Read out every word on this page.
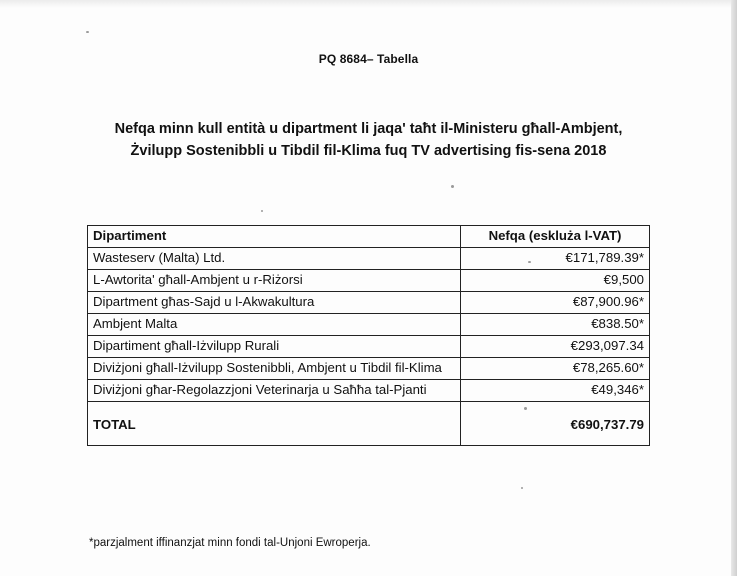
PQ 8684– Tabella
Nefqa minn kull entità u dipartment li jaqa' taħt il-Ministeru għall-Ambjent,
Żvilupp Sostenibbli u Tibdil fil-Klima fuq TV advertising fis-sena 2018
Dipartiment	Nefqa (eskluża l-VAT)
Wasteserv (Malta) Ltd.	€171,789.39*
L-Awtorita' għall-Ambjent u r-Riżorsi	€9,500
Dipartment għas-Sajd u l-Akwakultura	€87,900.96*
Ambjent Malta	€838.50*
Dipartiment għall-Iżvilupp Rurali	€293,097.34
Diviżjoni għall-Iżvilupp Sostenibbli, Ambjent u Tibdil fil-Klima	€78,265.60*
Diviżjoni għar-Regolazzjoni Veterinarja u Saħħa tal-Pjanti	€49,346*
TOTAL	€690,737.79
*parzjalment iffinanzjat minn fondi tal-Unjoni Ewroperja.
